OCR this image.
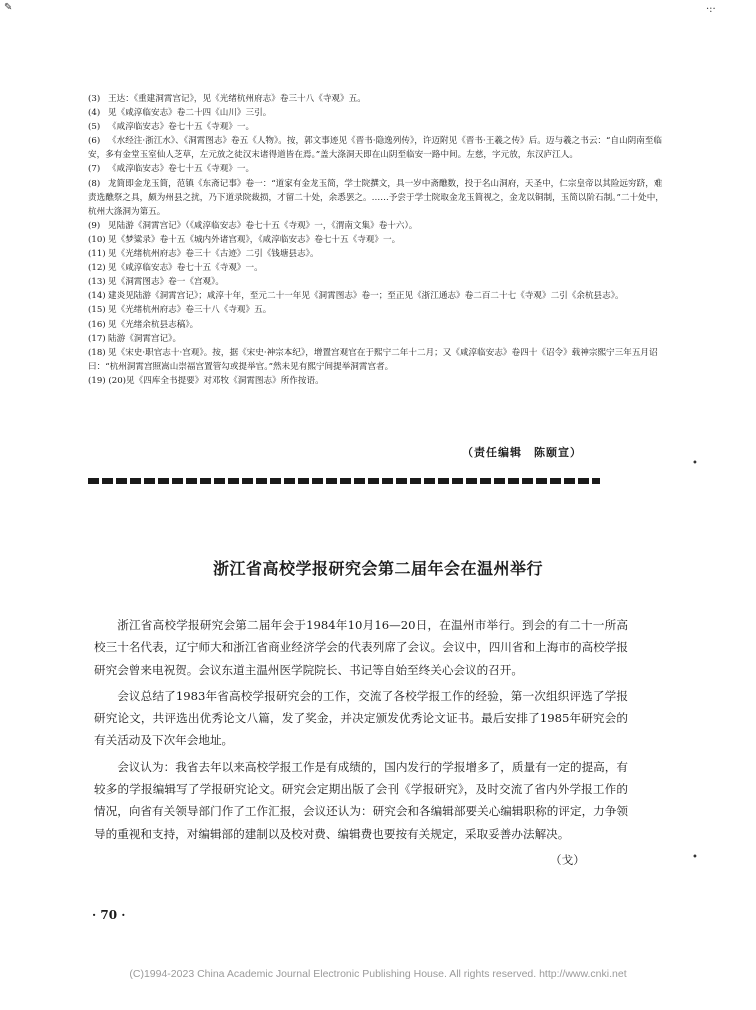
✎	·:·
•
•

(3) 王达：《重建洞霄宫记》，见《光绪杭州府志》卷三十八《寺观》五。

(4) 见《咸淳临安志》卷二十四《山川》三引。

(5) 《咸淳临安志》卷七十五《寺观》一。

(6) 《水经注·浙江水》、《洞霄图志》卷五《人物》。按，郭文事迹见《晋书·隐逸列传》，许迈附见《晋书·王羲之传》后。迈与羲之书云：“自山阴南至临安，多有金堂玉室仙人芝草，左元放之徒汉末诸得道皆在焉。”盖大涤洞天即在山阴至临安一路中间。左慈，字元放，东汉庐江人。

(7) 《咸淳临安志》卷七十五《寺观》一。

(8) 龙简即金龙玉简，范镇《东斋记事》卷一：“道家有金龙玉简，学士院撰文，具一岁中斋醮数，投于名山洞府，天圣中，仁宗皇帝以其险远穷跻，难责选醮祭之具，颇为州县之扰，乃下道录院裁损，才留二十处，余悉罢之。……予尝于学士院取金龙玉简视之，金龙以铜制，玉简以阶石制。”二十处中，杭州大涤洞为第五。

(9) 见陆游《洞霄宫记》（《咸淳临安志》卷七十五《寺观》一，《渭南文集》卷十六）。

(10) 见《梦粱录》卷十五《城内外诸宫观》，《咸淳临安志》卷七十五《寺观》一。

(11) 见《光绪杭州府志》卷三十《古迹》二引《钱塘县志》。

(12) 见《咸淳临安志》卷七十五《寺观》一。

(13) 见《洞霄图志》卷一《宫观》。

(14) 建炎见陆游《洞霄宫记》；咸淳十年，至元二十一年见《洞霄图志》卷一；至正见《浙江通志》卷二百二十七《寺观》二引《余杭县志》。

(15) 见《光绪杭州府志》卷三十八《寺观》五。

(16) 见《光绪余杭县志稿》。

(17) 陆游《洞霄宫记》。

(18) 见《宋史·职官志十·宫观》。按，据《宋史·神宗本纪》，增置宫观官在于熙宁二年十二月；又《咸淳临安志》卷四十《诏令》载神宗熙宁三年五月诏曰：“杭州洞霄宫照嵩山崇福宫置管勾或提举官。”然未见有熙宁间提举洞霄宫者。

(19) (20)见《四库全书提要》对邓牧《洞霄图志》所作按语。

（责任编辑　陈颐宣）
浙江省高校学报研究会第二届年会在温州举行

浙江省高校学报研究会第二届年会于1984年10月16—20日，在温州市举行。到会的有二十一所高校三十名代表，辽宁师大和浙江省商业经济学会的代表列席了会议。会议中，四川省和上海市的高校学报研究会曾来电祝贺。会议东道主温州医学院院长、书记等自始至终关心会议的召开。

会议总结了1983年省高校学报研究会的工作，交流了各校学报工作的经验，第一次组织评选了学报研究论文，共评选出优秀论文八篇，发了奖金，并决定颁发优秀论文证书。最后安排了1985年研究会的有关活动及下次年会地址。

会议认为：我省去年以来高校学报工作是有成绩的，国内发行的学报增多了，质量有一定的提高，有较多的学报编辑写了学报研究论文。研究会定期出版了会刊《学报研究》，及时交流了省内外学报工作的情况，向省有关领导部门作了工作汇报，会议还认为：研究会和各编辑部要关心编辑职称的评定，力争领导的重视和支持，对编辑部的建制以及校对费、编辑费也要按有关规定，采取妥善办法解决。

（戈）
· 70 ·
(C)1994-2023 China Academic Journal Electronic Publishing House. All rights reserved. http://www.cnki.net
